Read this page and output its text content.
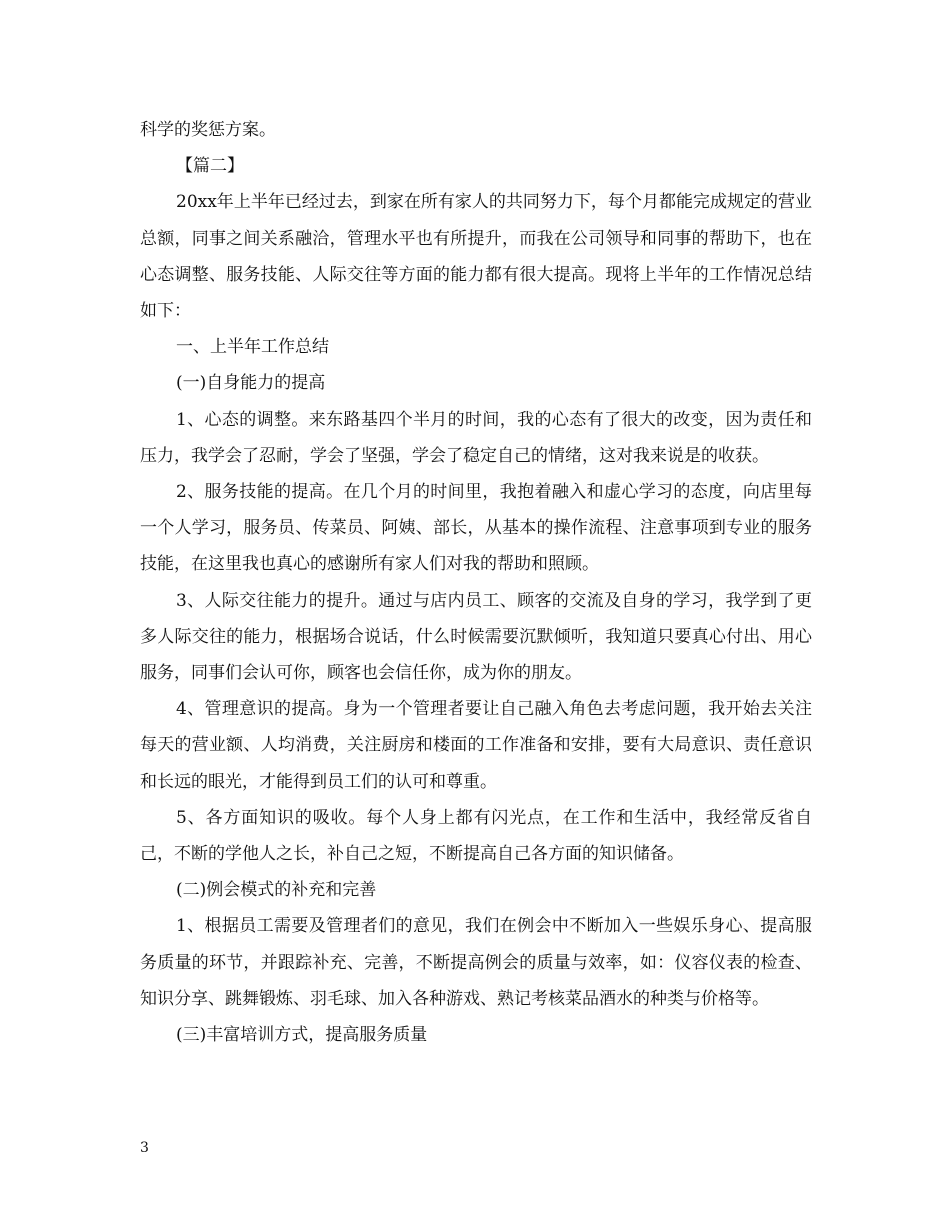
科学的奖惩方案。

【篇二】

20xx年上半年已经过去，到家在所有家人的共同努力下，每个月都能完成规定的营业总额，同事之间关系融洽，管理水平也有所提升，而我在公司领导和同事的帮助下，也在心态调整、服务技能、人际交往等方面的能力都有很大提高。现将上半年的工作情况总结如下：

一、上半年工作总结

(一)自身能力的提高

1、心态的调整。来东路基四个半月的时间，我的心态有了很大的改变，因为责任和压力，我学会了忍耐，学会了坚强，学会了稳定自己的情绪，这对我来说是的收获。

2、服务技能的提高。在几个月的时间里，我抱着融入和虚心学习的态度，向店里每一个人学习，服务员、传菜员、阿姨、部长，从基本的操作流程、注意事项到专业的服务技能，在这里我也真心的感谢所有家人们对我的帮助和照顾。

3、人际交往能力的提升。通过与店内员工、顾客的交流及自身的学习，我学到了更多人际交往的能力，根据场合说话，什么时候需要沉默倾听，我知道只要真心付出、用心服务，同事们会认可你，顾客也会信任你，成为你的朋友。

4、管理意识的提高。身为一个管理者要让自己融入角色去考虑问题，我开始去关注每天的营业额、人均消费，关注厨房和楼面的工作准备和安排，要有大局意识、责任意识和长远的眼光，才能得到员工们的认可和尊重。

5、各方面知识的吸收。每个人身上都有闪光点，在工作和生活中，我经常反省自己，不断的学他人之长，补自己之短，不断提高自己各方面的知识储备。

(二)例会模式的补充和完善

1、根据员工需要及管理者们的意见，我们在例会中不断加入一些娱乐身心、提高服务质量的环节，并跟踪补充、完善，不断提高例会的质量与效率，如：仪容仪表的检查、知识分享、跳舞锻炼、羽毛球、加入各种游戏、熟记考核菜品酒水的种类与价格等。

(三)丰富培训方式，提高服务质量

3
